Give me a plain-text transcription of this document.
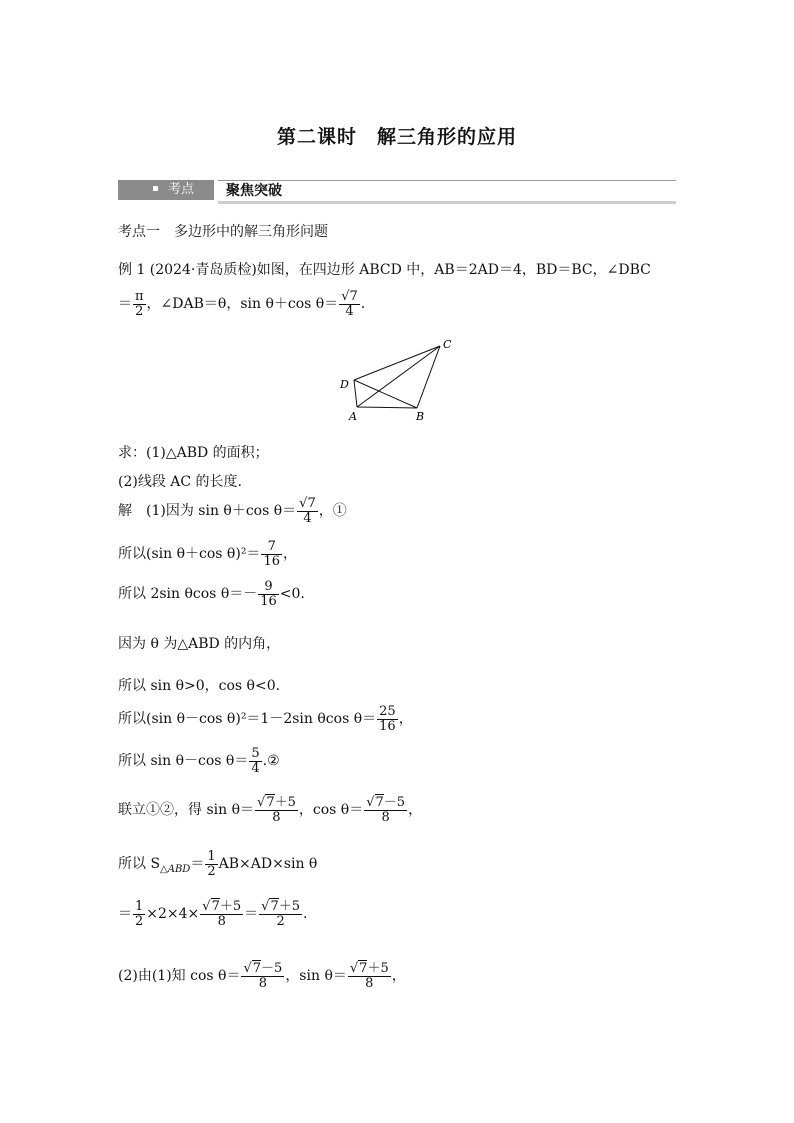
第二课时　解三角形的应用
考点	聚焦突破
考点一　多边形中的解三角形问题
例 1 (2024·青岛质检)如图，在四边形 ABCD 中，AB＝2AD＝4，BD＝BC，∠DBC
＝ $\frac{\pi}{2}$ ，∠DAB＝θ，sin θ＋cos $\theta= \frac{√7}{4}$ .
C
D
A	B
求：(1)△ABD 的面积；
(2)线段 AC 的长度.
解　(1)因为 sin θ＋cos $\theta= \frac{√7}{4}$ ，①
所以(sin θ＋cos $\theta)^2= \frac{7}{16}$ ，
所以 2sin θcos $\theta=- \frac{9}{16} <0$.
因为 θ 为△ABD 的内角，
所以 sin θ>0，cos θ<0.
所以(sin θ－cos θ)²＝1－2sin θcos $\theta= \frac{25}{16}$ ，
所以 sin θ－cos $\theta= \frac{5}{4}$ .②
联立①②，得 $\sin \theta= \frac{√7+5}{8}$ ，$\cos \theta= \frac{√7-5}{8}$ ，
所以 $S_{\triangle ABD}= \frac{1}{2} AB\times AD\times\sin$ θ
＝ $\frac{1}{2} \times 2\times 4\times \frac{√7+5}{8} = \frac{√7+5}{2}$ .
(2)由(1)知 $\cos \theta= \frac{√7-5}{8}$ ，$\sin \theta= \frac{√7+5}{8}$ ，
